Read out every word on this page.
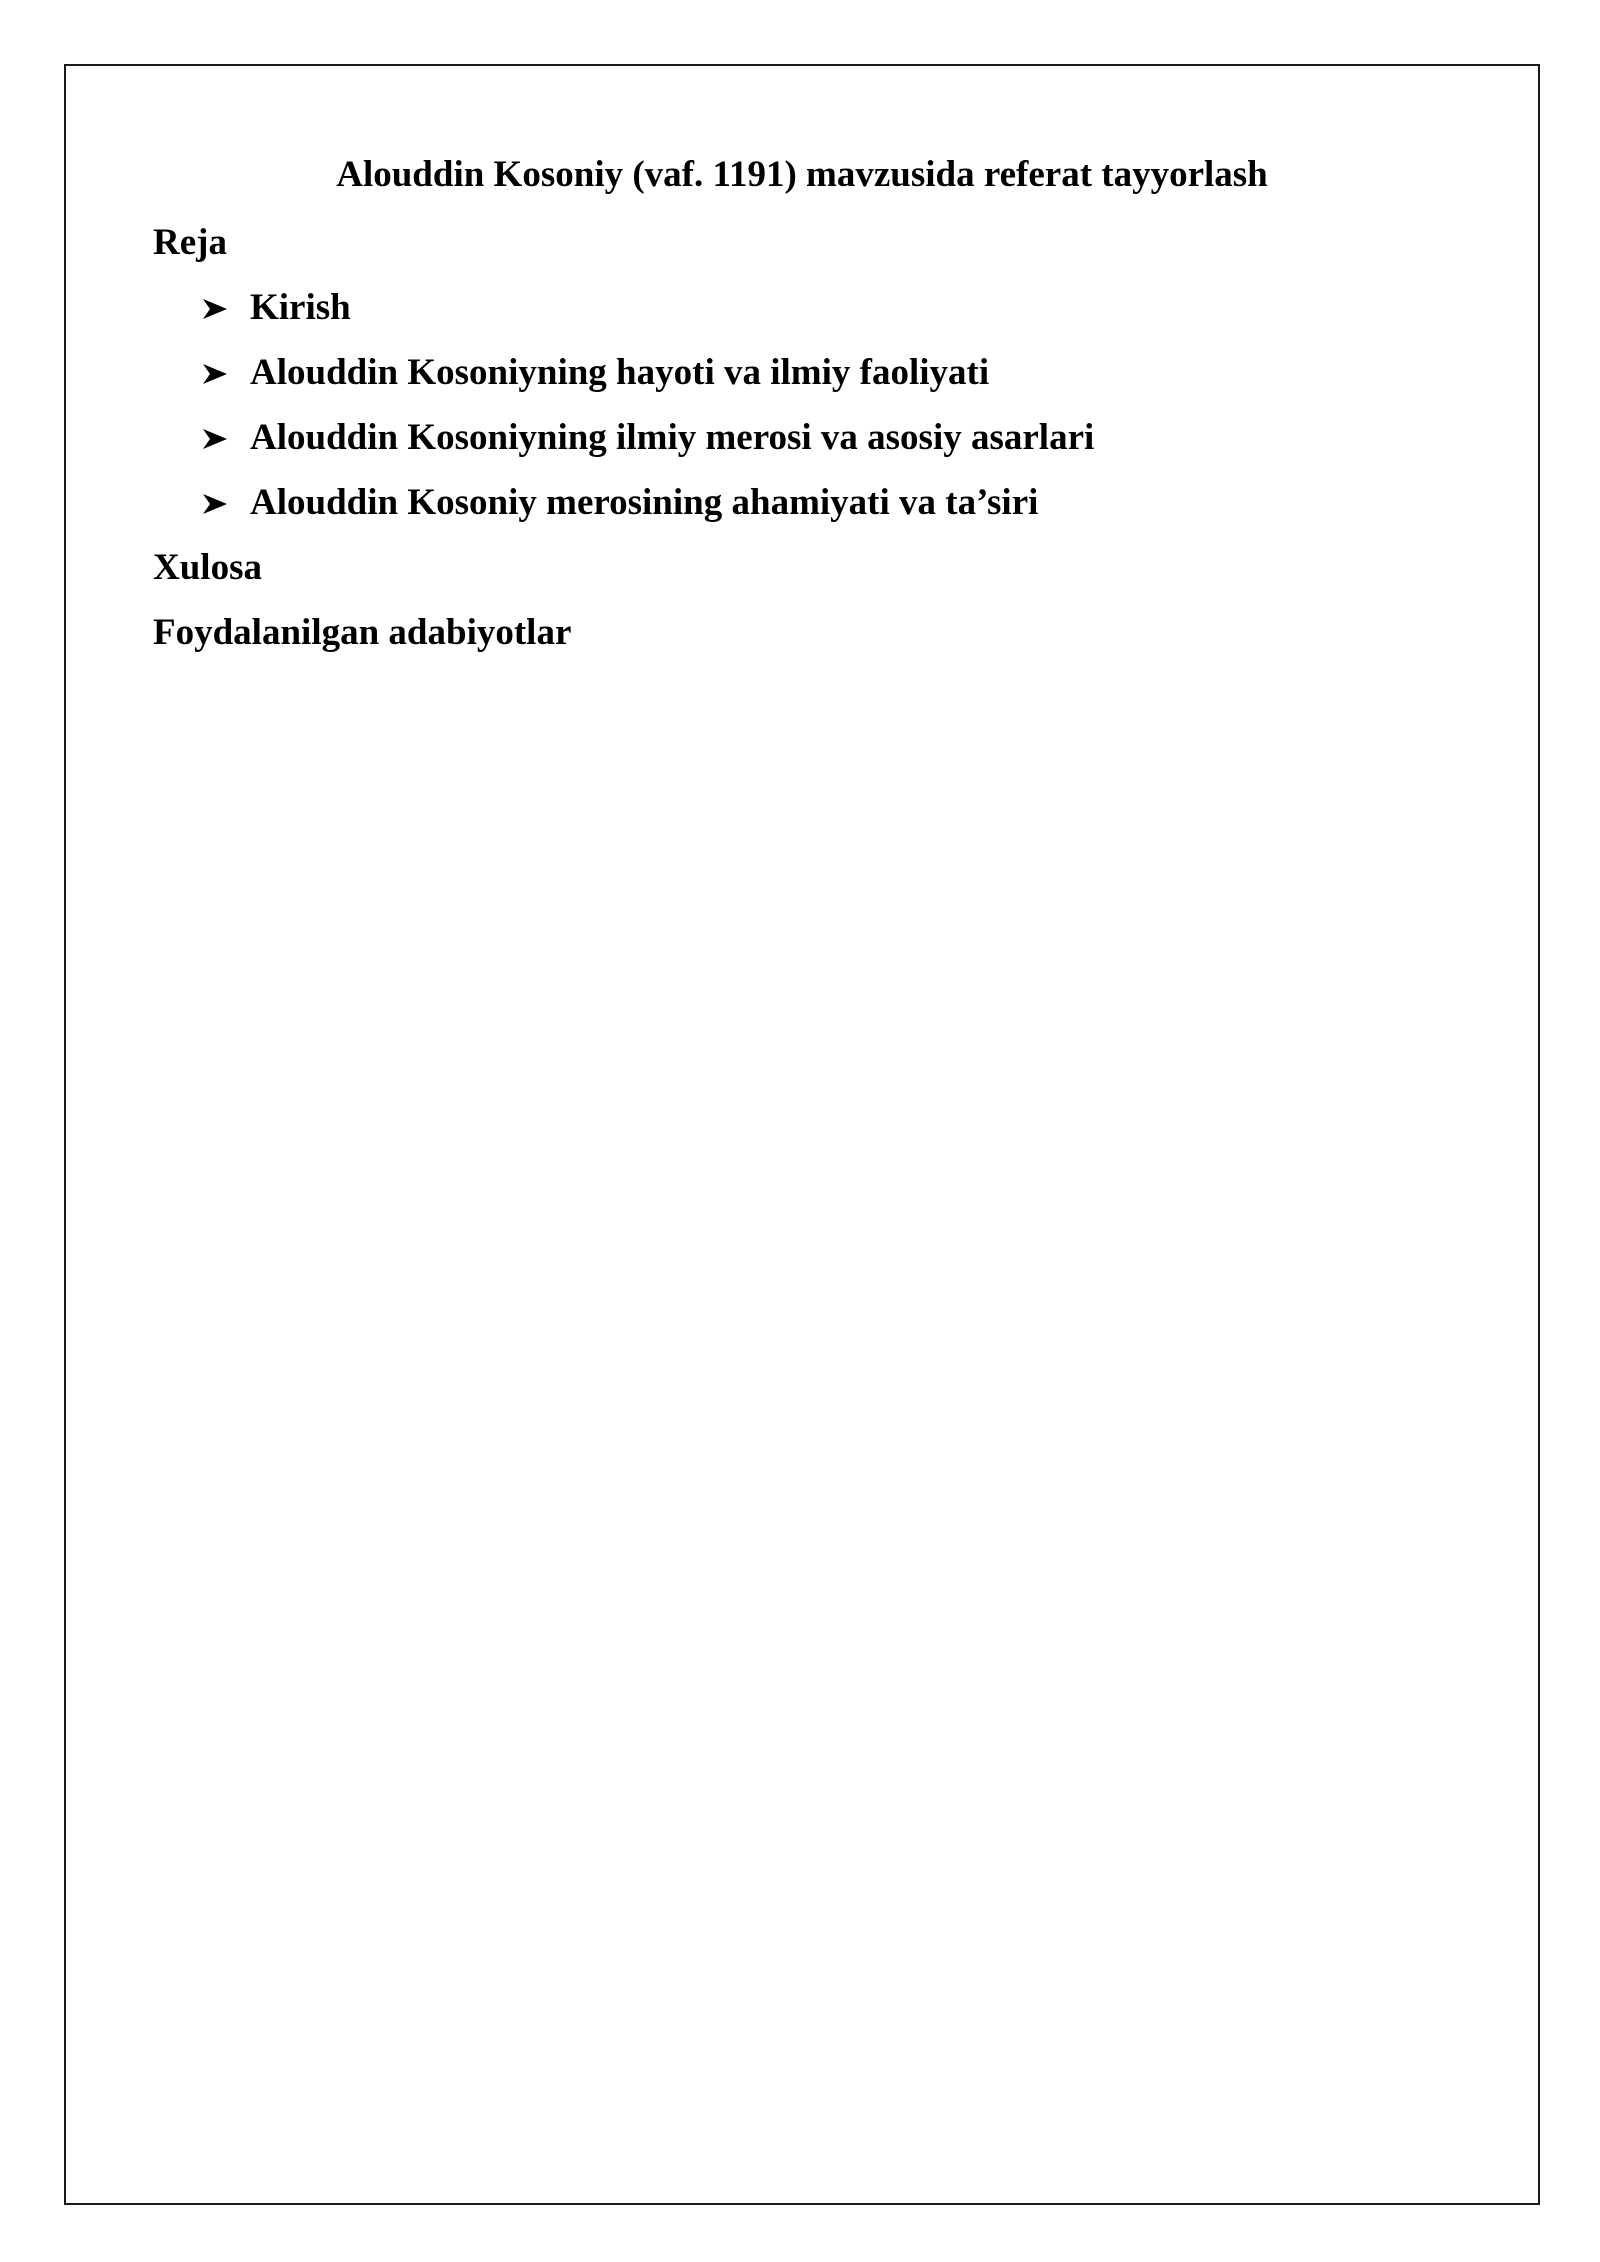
Alouddin Kosoniy (vaf. 1191) mavzusida referat tayyorlash
Reja
Kirish
Alouddin Kosoniyning hayoti va ilmiy faoliyati
Alouddin Kosoniyning ilmiy merosi va asosiy asarlari
Alouddin Kosoniy merosining ahamiyati va ta’siri
Xulosa
Foydalanilgan adabiyotlar
